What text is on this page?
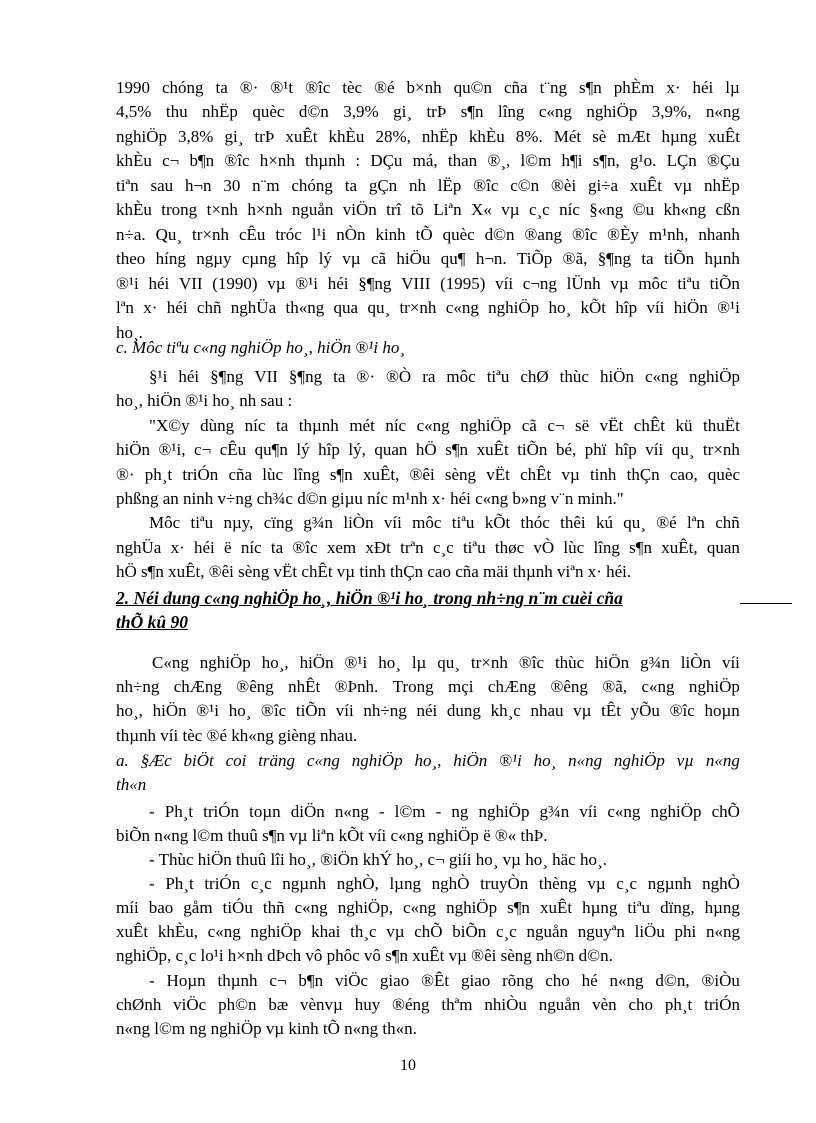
1990 chóng ta ®· ®¹t ®îc tèc ®é b×nh qu©n cña t¨ng s¶n phÈm x· héi lµ
4,5% thu nhËp quèc d©n 3,9% gi¸ trÞ s¶n lîng c«ng nghiÖp 3,9%, n«ng
nghiÖp 3,8% gi¸ trÞ xuÊt khÈu 28%, nhËp khÈu 8%. Mét sè mÆt hµng xuÊt
khÈu c¬ b¶n ®îc h×nh thµnh : DÇu má, than ®¸, l©m h¶i s¶n, g¹o. LÇn ®Çu
tiªn sau h¬n 30 n¨m chóng ta gÇn nh lËp ®îc c©n ®èi gi÷a xuÊt vµ nhËp
khÈu trong t×nh h×nh nguån viÖn trî tõ Liªn X« vµ c¸c níc §«ng ©u kh«ng cßn
n÷a. Qu¸ tr×nh cÊu tróc l¹i nÒn kinh tÕ quèc d©n ®ang ®îc ®Èy m¹nh, nhanh
theo híng ngµy cµng hîp lý vµ cã hiÖu qu¶ h¬n. TiÕp ®ã, §¶ng ta tiÕn hµnh
®¹i héi VII (1990) vµ ®¹i héi §¶ng VIII (1995) víi c¬ng lÜnh vµ môc tiªu tiÕn
lªn x· héi chñ nghÜa th«ng qua qu¸ tr×nh c«ng nghiÖp ho¸ kÕt hîp víi hiÖn ®¹i
ho¸.
c. Môc tiªu c«ng nghiÖp ho¸, hiÖn ®¹i ho¸
§¹i héi §¶ng VII §¶ng ta ®· ®Ò ra môc tiªu chØ thùc hiÖn c«ng nghiÖp
ho¸, hiÖn ®¹i ho¸ nh sau :
"X©y dùng níc ta thµnh mét níc c«ng nghiÖp cã c¬ së vËt chÊt kü thuËt
hiÖn ®¹i, c¬ cÊu qu¶n lý hîp lý, quan hÖ s¶n xuÊt tiÕn bé, phï hîp víi qu¸ tr×nh
®· ph¸t triÓn cña lùc lîng s¶n xuÊt, ®êi sèng vËt chÊt vµ tinh thÇn cao, quèc
phßng an ninh v÷ng ch¾c d©n giµu níc m¹nh x· héi c«ng b»ng v¨n minh."
Môc tiªu nµy, cïng g¾n liÒn víi môc tiªu kÕt thóc thêi kú qu¸ ®é lªn chñ
nghÜa x· héi ë níc ta ®îc xem xÐt trªn c¸c tiªu thøc vÒ lùc lîng s¶n xuÊt, quan
hÖ s¶n xuÊt, ®êi sèng vËt chÊt vµ tinh thÇn cao cña mäi thµnh viªn x· héi.
2. Néi dung c«ng nghiÖp ho¸, hiÖn ®¹i ho¸ trong nh÷ng n¨m cuèi cña
thÕ kû 90
C«ng nghiÖp ho¸, hiÖn ®¹i ho¸ lµ qu¸ tr×nh ®îc thùc hiÖn g¾n liÒn víi
nh÷ng chÆng ®êng nhÊt ®Þnh. Trong mçi chÆng ®êng ®ã, c«ng nghiÖp
ho¸, hiÖn ®¹i ho¸ ®îc tiÕn víi nh÷ng néi dung kh¸c nhau vµ tÊt yÕu ®îc hoµn
thµnh víi tèc ®é kh«ng gièng nhau.
a. §Æc biÖt coi träng c«ng nghiÖp ho¸, hiÖn ®¹i ho¸ n«ng nghiÖp vµ n«ng
th«n
- Ph¸t triÓn toµn diÖn n«ng - l©m - ng nghiÖp g¾n víi c«ng nghiÖp chÕ
biÕn n«ng l©m thuû s¶n vµ liªn kÕt víi c«ng nghiÖp ë ®« thÞ.
- Thùc hiÖn thuû lîi ho¸, ®iÖn khÝ ho¸, c¬ giíi ho¸ vµ ho¸ häc ho¸.
- Ph¸t triÓn c¸c ngµnh nghÒ, lµng nghÒ truyÒn thèng vµ c¸c ngµnh nghÒ
míi bao gåm tiÓu thñ c«ng nghiÖp, c«ng nghiÖp s¶n xuÊt hµng tiªu dïng, hµng
xuÊt khÈu, c«ng nghiÖp khai th¸c vµ chÕ biÕn c¸c nguån nguyªn liÖu phi n«ng
nghiÖp, c¸c lo¹i h×nh dÞch vô phôc vô s¶n xuÊt vµ ®êi sèng nh©n d©n.
- Hoµn thµnh c¬ b¶n viÖc giao ®Êt giao rõng cho hé n«ng d©n, ®iÒu
chØnh viÖc ph©n bæ vènvµ huy ®éng thªm nhiÒu nguån vèn cho ph¸t triÓn
n«ng l©m ng nghiÖp vµ kinh tÕ n«ng th«n.
10
